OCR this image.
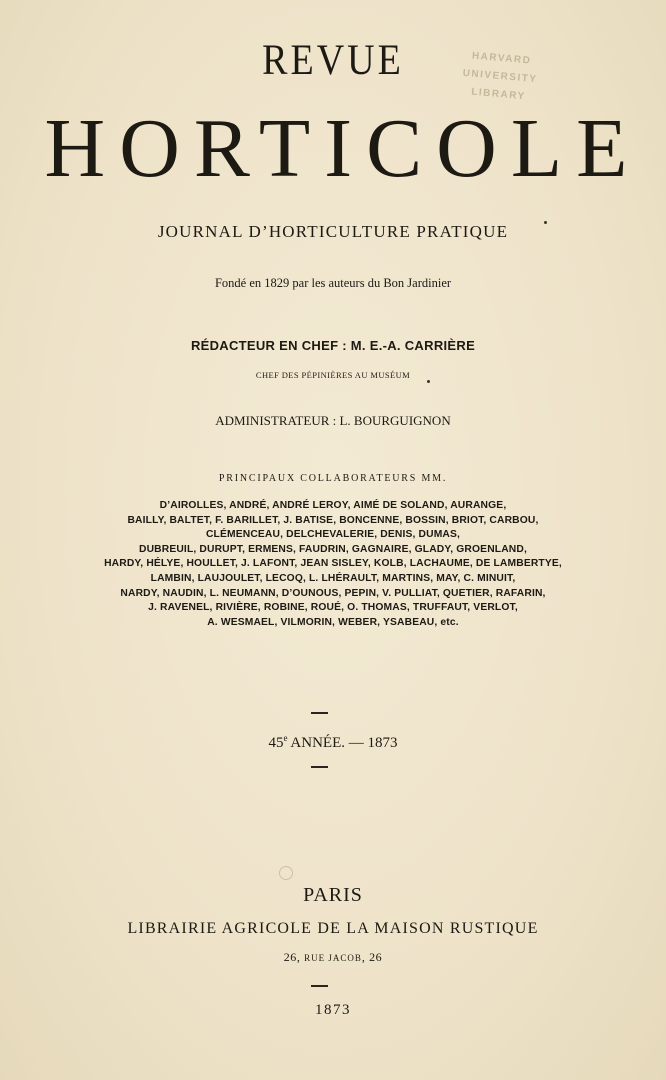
HARVARD
UNIVERSITY
LIBRARY
REVUE
HORTICOLE
JOURNAL D’HORTICULTURE PRATIQUE
Fondé en 1829 par les auteurs du Bon Jardinier
RÉDACTEUR EN CHEF : M. E.-A. CARRIÈRE
CHEF DES PÉPINIÈRES AU MUSÉUM
ADMINISTRATEUR : L. BOURGUIGNON
PRINCIPAUX COLLABORATEURS MM.
D’AIROLLES, ANDRÉ, ANDRÉ LEROY, AIMÉ DE SOLAND, AURANGE,
BAILLY, BALTET, F. BARILLET, J. BATISE, BONCENNE, BOSSIN, BRIOT, CARBOU,
CLÉMENCEAU, DELCHEVALERIE, DENIS, DUMAS,
DUBREUIL, DURUPT, ERMENS, FAUDRIN, GAGNAIRE, GLADY, GROENLAND,
HARDY, HÉLYE, HOULLET, J. LAFONT, JEAN SISLEY, KOLB, LACHAUME, DE LAMBERTYE,
LAMBIN, LAUJOULET, LECOQ, L. LHÉRAULT, MARTINS, MAY, C. MINUIT,
NARDY, NAUDIN, L. NEUMANN, D’OUNOUS, PEPIN, V. PULLIAT, QUETIER, RAFARIN,
J. RAVENEL, RIVIÈRE, ROBINE, ROUÉ, O. THOMAS, TRUFFAUT, VERLOT,
A. WESMAEL, VILMORIN, WEBER, YSABEAU, etc.
45e ANNÉE. — 1873
PARIS
LIBRAIRIE AGRICOLE DE LA MAISON RUSTIQUE
26, RUE JACOB, 26
1873
